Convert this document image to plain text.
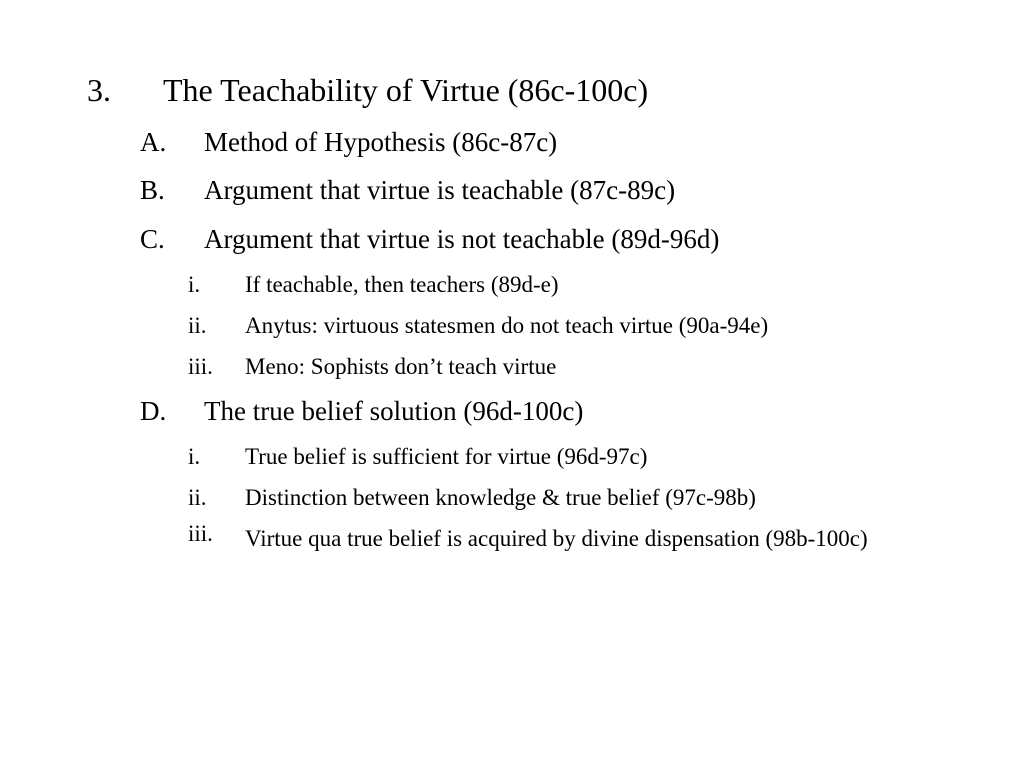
3. The Teachability of Virtue (86c-100c)
A. Method of Hypothesis (86c-87c)
B. Argument that virtue is teachable (87c-89c)
C. Argument that virtue is not teachable (89d-96d)
i. If teachable, then teachers (89d-e)
ii. Anytus: virtuous statesmen do not teach virtue (90a-94e)
iii. Meno: Sophists don’t teach virtue
D. The true belief solution (96d-100c)
i. True belief is sufficient for virtue (96d-97c)
ii. Distinction between knowledge & true belief (97c-98b)
iii. Virtue qua true belief is acquired by divine dispensation (98b-100c)
